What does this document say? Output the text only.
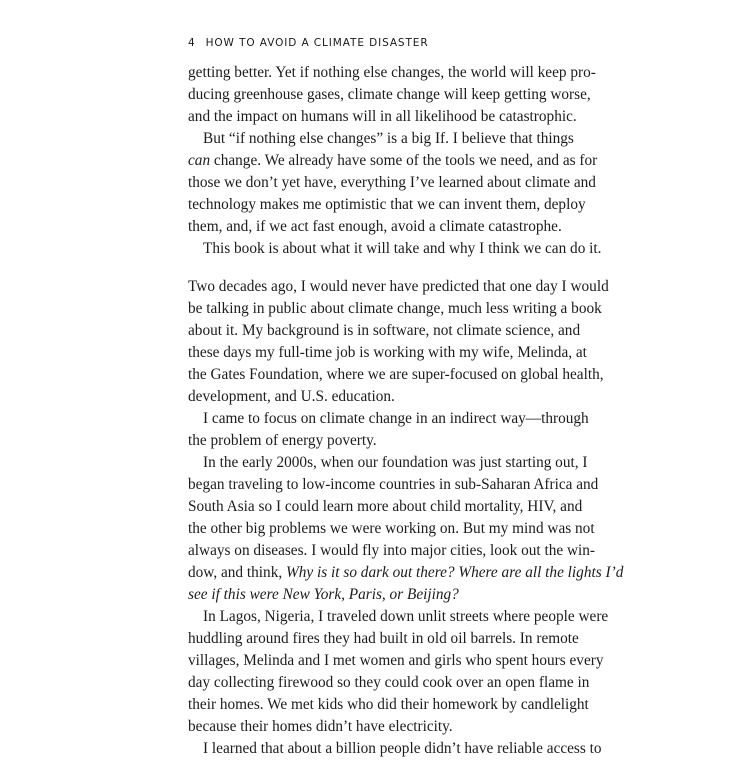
4 HOW TO AVOID A CLIMATE DISASTER
getting better. Yet if nothing else changes, the world will keep pro-
ducing greenhouse gases, climate change will keep getting worse,
and the impact on humans will in all likelihood be catastrophic.
But “if nothing else changes” is a big If. I believe that things
can change. We already have some of the tools we need, and as for
those we don’t yet have, everything I’ve learned about climate and
technology makes me optimistic that we can invent them, deploy
them, and, if we act fast enough, avoid a climate catastrophe.
This book is about what it will take and why I think we can do it.
Two decades ago, I would never have predicted that one day I would
be talking in public about climate change, much less writing a book
about it. My background is in software, not climate science, and
these days my full-time job is working with my wife, Melinda, at
the Gates Foundation, where we are super-focused on global health,
development, and U.S. education.
I came to focus on climate change in an indirect way—through
the problem of energy poverty.
In the early 2000s, when our foundation was just starting out, I
began traveling to low-income countries in sub-Saharan Africa and
South Asia so I could learn more about child mortality, HIV, and
the other big problems we were working on. But my mind was not
always on diseases. I would fly into major cities, look out the win-
dow, and think, Why is it so dark out there? Where are all the lights I’d
see if this were New York, Paris, or Beijing?
In Lagos, Nigeria, I traveled down unlit streets where people were
huddling around fires they had built in old oil barrels. In remote
villages, Melinda and I met women and girls who spent hours every
day collecting firewood so they could cook over an open flame in
their homes. We met kids who did their homework by candlelight
because their homes didn’t have electricity.
I learned that about a billion people didn’t have reliable access to
